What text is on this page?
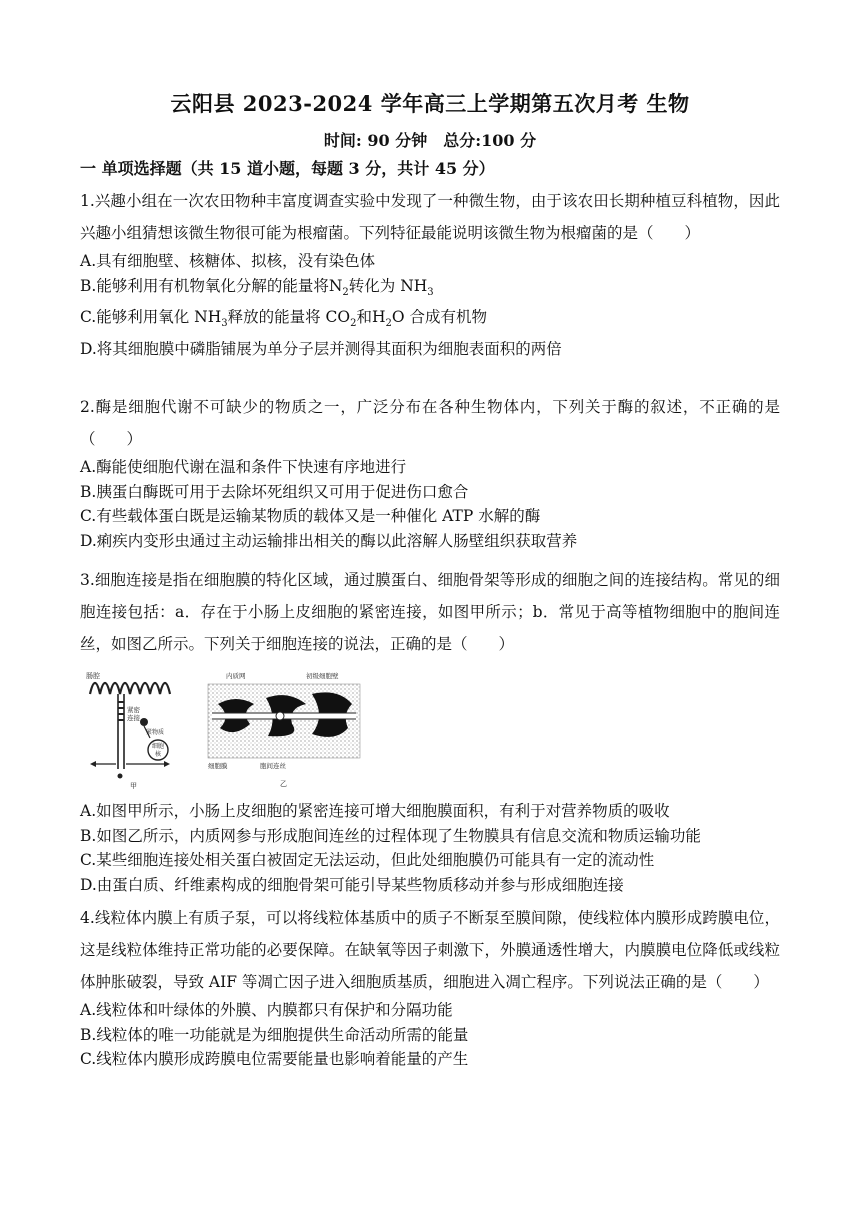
云阳县 2023-2024 学年高三上学期第五次月考 生物
时间: 90 分钟　总分:100 分
一 单项选择题（共 15 道小题，每题 3 分，共计 45 分）

1.兴趣小组在一次农田物种丰富度调查实验中发现了一种微生物，由于该农田长期种植豆科植物，因此兴趣小组猜想该微生物很可能为根瘤菌。下列特征最能说明该微生物为根瘤菌的是（　　）

A.具有细胞壁、核糖体、拟核，没有染色体

B.能够利用有机物氧化分解的能量将$N_2$转化为 $NH_3$

C.能够利用氧化 $NH_3$释放的能量将 $CO_2$和$H_2O$ 合成有机物

D.将其细胞膜中磷脂铺展为单分子层并测得其面积为细胞表面积的两倍

2.酶是细胞代谢不可缺少的物质之一，广泛分布在各种生物体内，下列关于酶的叙述，不正确的是（　　）

A.酶能使细胞代谢在温和条件下快速有序地进行

B.胰蛋白酶既可用于去除坏死组织又可用于促进伤口愈合

C.有些载体蛋白既是运输某物质的载体又是一种催化 ATP 水解的酶

D.痢疾内变形虫通过主动运输排出相关的酶以此溶解人肠壁组织获取营养

3.细胞连接是指在细胞膜的特化区域，通过膜蛋白、细胞骨架等形成的细胞之间的连接结构。常见的细胞连接包括：a．存在于小肠上皮细胞的紧密连接，如图甲所示；b．常见于高等植物细胞中的胞间连丝，如图乙所示。下列关于细胞连接的说法，正确的是（　　）

肠腔
紧密
连接
紧物质
细胞
核
甲
内质网	初级细胞壁
细胞膜	胞间连丝
乙

A.如图甲所示，小肠上皮细胞的紧密连接可增大细胞膜面积，有利于对营养物质的吸收

B.如图乙所示，内质网参与形成胞间连丝的过程体现了生物膜具有信息交流和物质运输功能

C.某些细胞连接处相关蛋白被固定无法运动，但此处细胞膜仍可能具有一定的流动性

D.由蛋白质、纤维素构成的细胞骨架可能引导某些物质移动并参与形成细胞连接

4.线粒体内膜上有质子泵，可以将线粒体基质中的质子不断泵至膜间隙，使线粒体内膜形成跨膜电位，这是线粒体维持正常功能的必要保障。在缺氧等因子刺激下，外膜通透性增大，内膜膜电位降低或线粒体肿胀破裂，导致 AIF 等凋亡因子进入细胞质基质，细胞进入凋亡程序。下列说法正确的是（　　）

A.线粒体和叶绿体的外膜、内膜都只有保护和分隔功能

B.线粒体的唯一功能就是为细胞提供生命活动所需的能量

C.线粒体内膜形成跨膜电位需要能量也影响着能量的产生
